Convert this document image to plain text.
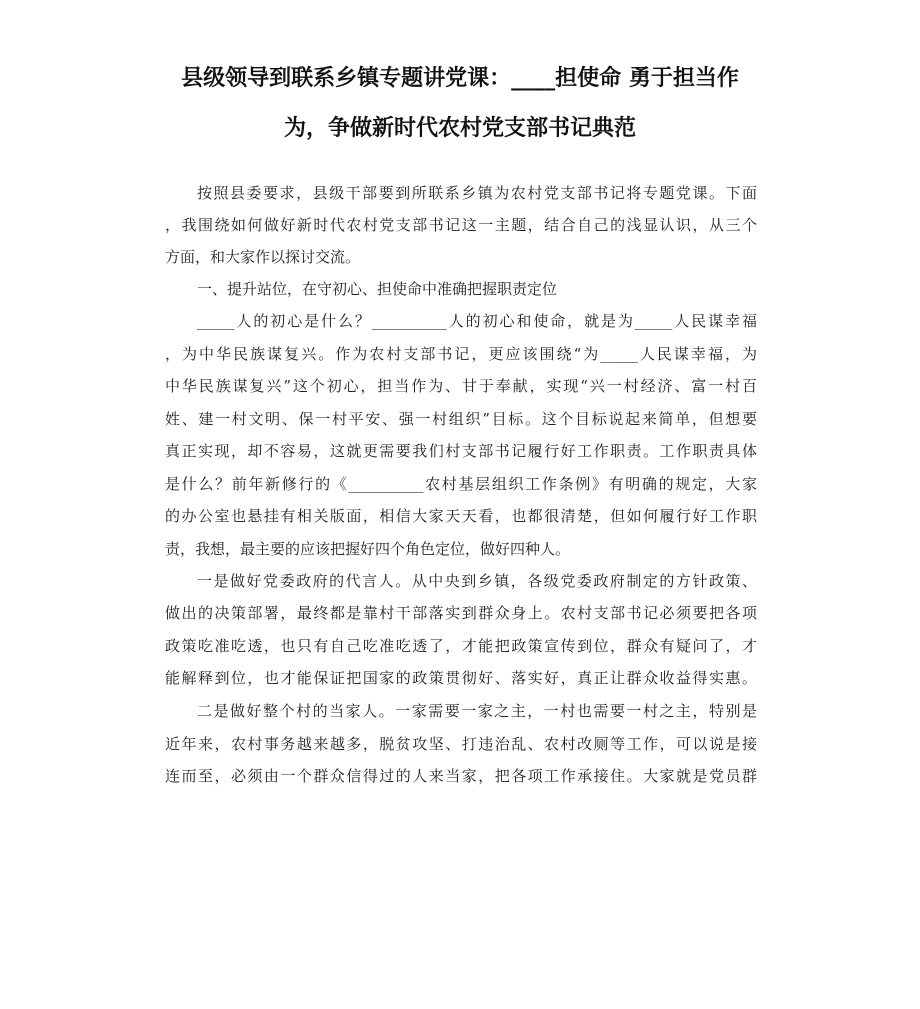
县级领导到联系乡镇专题讲党课：____担使命 勇于担当作
为，争做新时代农村党支部书记典范
按照县委要求，县级干部要到所联系乡镇为农村党支部书记将专题党课。下面
，我围绕如何做好新时代农村党支部书记这一主题，结合自己的浅显认识，从三个
方面，和大家作以探讨交流。
一、提升站位，在守初心、担使命中准确把握职责定位
_____人的初心是什么？__________人的初心和使命，就是为_____人民谋幸福
，为中华民族谋复兴。作为农村支部书记，更应该围绕“为_____人民谋幸福，为
中华民族谋复兴”这个初心，担当作为、甘于奉献，实现“兴一村经济、富一村百
姓、建一村文明、保一村平安、强一村组织”目标。这个目标说起来简单，但想要
真正实现，却不容易，这就更需要我们村支部书记履行好工作职责。工作职责具体
是什么？前年新修行的《__________农村基层组织工作条例》有明确的规定，大家
的办公室也悬挂有相关版面，相信大家天天看，也都很清楚，但如何履行好工作职
责，我想，最主要的应该把握好四个角色定位，做好四种人。
一是做好党委政府的代言人。从中央到乡镇，各级党委政府制定的方针政策、
做出的决策部署，最终都是靠村干部落实到群众身上。农村支部书记必须要把各项
政策吃准吃透，也只有自己吃准吃透了，才能把政策宣传到位，群众有疑问了，才
能解释到位，也才能保证把国家的政策贯彻好、落实好，真正让群众收益得实惠。
二是做好整个村的当家人。一家需要一家之主，一村也需要一村之主，特别是
近年来，农村事务越来越多，脱贫攻坚、打违治乱、农村改厕等工作，可以说是接
连而至，必须由一个群众信得过的人来当家，把各项工作承接住。大家就是党员群
